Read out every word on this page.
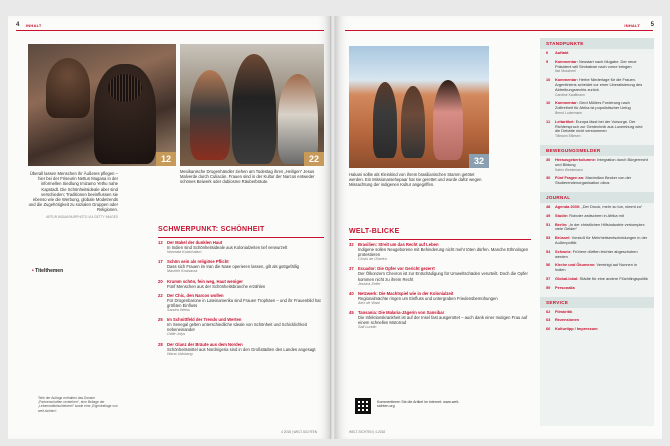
4 INHALT
12	22
Überall lassen Menschen ihr Äußeres pflegen – hier bei der Friseurin Nettun Mugana in der informellen Siedlung Imizamo Yethu nahe Kapstadt. Die Schönheitsideale aber sind verschieden; Traditionen beeinflussen sie ebenso wie die Werbung, globale Modetrends und die Zugehörigkeit zu sozialen Gruppen oder Religionen.
ARTUR WIDAK/NURPHOTO VIA GETTY IMAGES
Mexikanische Drogenhändler ziehen am Todestag ihres „Heiligen“ Jesus Malverde durch Culiacán. Frauen sind in der Kultur der Narcos entweder schönes Beiwerk oder dubiosme Räuberbräute.
• Titelthemen
SCHWERPUNKT: SCHÖNHEIT
12	Der Makel der dunklen Haut
In Indien sind Schönheitsideale aus Kolonialzeiten tief verwurzelt
Namrata Kolachalam
17	Schön sein als religiöse Pflicht
Dass sich Frauen im Iran die Nase operieren lassen, gilt als gottgefällig
Marzieh Kowsarza
20	Krumm schön, fein weg, Haut weniger
Fünf Menschen aus der Schönheitsbranche erzählen
22	Der Chic, den Narcos wollen
Für Drogenbarone in Lateinamerika sind Frauen Trophäen – und ihr Frauenbild hat größten Einfluss
Sandra Weiss
25	Im Schnittfeld der Trends und Werten
Im Senegal gelten unterschiedliche Ideale von Schönheit und Schicklichkeit nebeneinander
Odile Jolys
28	Der Glanz der Bräute aus dem Norden
Schönheitsmittel aus Nordnigeria sind in den Großstädten des Landes angesagt
Wana Udobang
Teile der Auflage enthalten das Dossier „Partnerschaften verstehen“, eine Beilage der „Lebensmittelschieberei“ sowie eine „Eigenbeilage von welt-sichten“.
4 2018 | WELT-SICHTEN
INHALT 5
32
Hakani sollte als Kleinkind von ihrem brasilianischen Stamm getötet werden. Ein Missionarsehepaar hat sie gerettet und wurde dafür wegen Missachtung der indigenen Kultur angegriffen.
WELT-BLICKE
32	Brasilien: Streit um das Recht auf Leben
Indigene sollen Neugeborene mit Behinderung nicht mehr töten dürfen. Manche Ethnologen protestieren
Clovis de Oliveira
37	Ecuador: Die Opfer vor Gericht gezerrt
Der Ölkonzern Chevron ist zur Entschädigung für Umweltschäden verurteilt. Doch die Opfer kommen nicht zu ihrem Recht
Jessica Zeller
40	Netzwerk: Die Machtspiel wie in der Kolonialzeit
Regionalmächte ringen um Einfluss und untergraben Friedensbemühungen
Alex de Waal
45	Tansania: Die Malaria-Jägerin von Sansibar
Die Infektionskrankheit ist auf der Insel fast ausgerottet – auch dank einer mutigen Frau auf einem schnellen Motorrad
Safi Lundin
Kommentieren Sie die Artikel im Internet: www.welt-sichten.org
WELT-SICHTEN | 4-2018
STANDPUNKTE
6	Auftakt
9	Kommentar: Neustart nach Mugabe. Der neue Präsident will Simbabwe nach vorne bringen
Ilse Mussheel
10	Kommentar: Herbe Niederlage für die Frauen. Argentiniens scheidet vor einer Liberalisierung des Abtreibungsrechts zurück
Caroline Kauffmann
10	Kommentar: Gerd Müllers Forderung nach Zollfreiheit für Afrika ist populistischer Unfug
Bernd Lodermann
11	Leitartikel: Europa lässt bei der Vorsorge. Der Richterspruch zur Gentechnik aus Luxemburg wird die Debatte nicht verstummen
Tillmann Elliesen
BEWEGUNGSMELDER
30	Herausgeberkolumne: Integration durch Bürgerrecht und Bildung
Katrin Weidemann
30	Fünf Fragen an: Maximilian Becker von der Studierendenorganisation oikos
JOURNAL
48	Agenda 2030: „Der Druck, mehr zu tun, nimmt zu“
49	Studie: Roboter zwitschern in Afrika mit
51	Berlin: „In der christlichen Hilfsindustrie verkomplex viele Gelder“
53	Brüssel: Vorstoß für Mehrheitsentscheidungen in der Außenpolitik
54	Schweiz: Frühere dürften leichter abgeschoben werden
56	Kirche und Ökumene: Vereinigt auf Nonnen in Indien
57	Global-lokal: Städte für eine andere Flüchtlingspolitik
59	Personalia
SERVICE
62	Filmkritik
63	Rezensionen
66	Kulturtipp / Impressum
